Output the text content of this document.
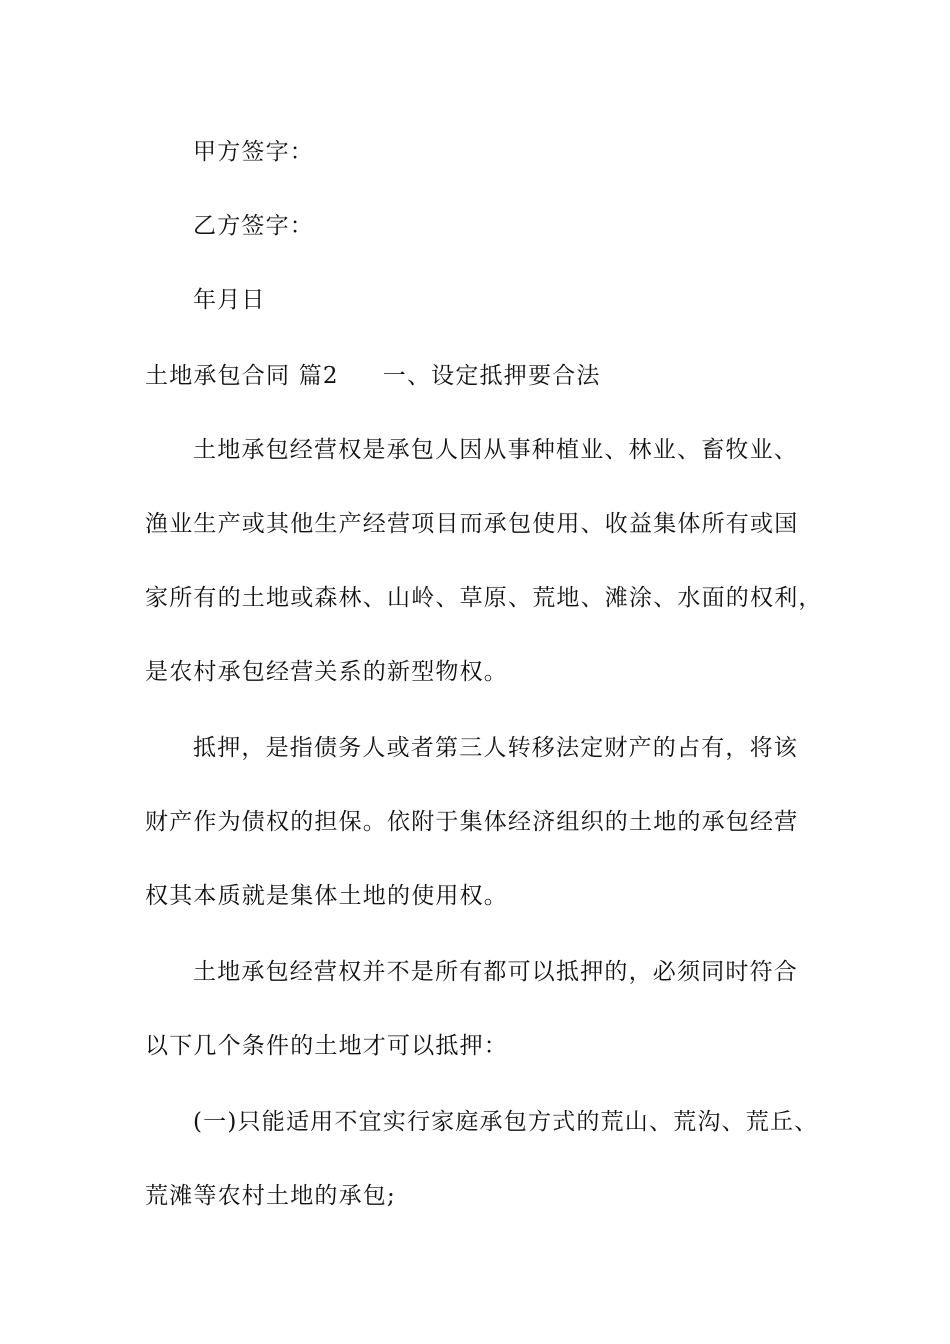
甲方签字：
乙方签字：
年月日
土地承包合同 篇2 一、设定抵押要合法
土地承包经营权是承包人因从事种植业、林业、畜牧业、
渔业生产或其他生产经营项目而承包使用、收益集体所有或国
家所有的土地或森林、山岭、草原、荒地、滩涂、水面的权利，
是农村承包经营关系的新型物权。
抵押，是指债务人或者第三人转移法定财产的占有，将该
财产作为债权的担保。依附于集体经济组织的土地的承包经营
权其本质就是集体土地的使用权。
土地承包经营权并不是所有都可以抵押的，必须同时符合
以下几个条件的土地才可以抵押：
(一)只能适用不宜实行家庭承包方式的荒山、荒沟、荒丘、
荒滩等农村土地的承包;
